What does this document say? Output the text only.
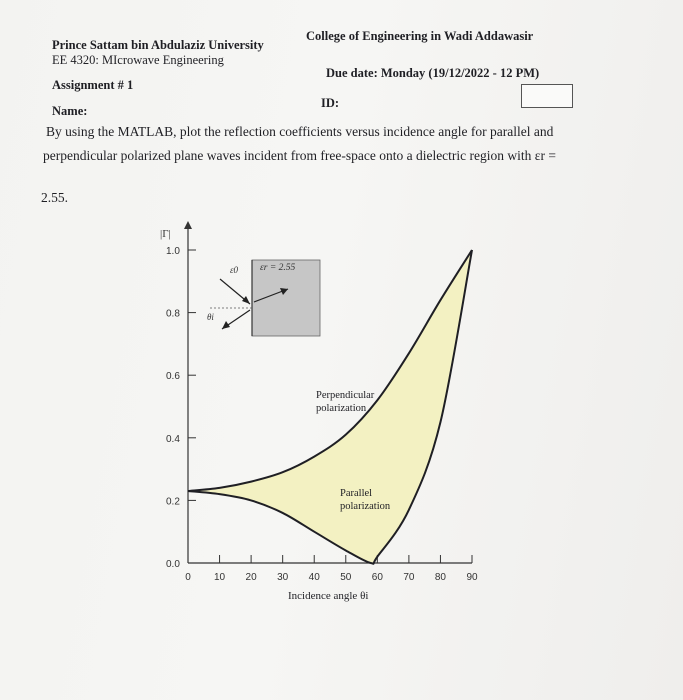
Prince Sattam bin Abdulaziz University
College of Engineering in Wadi Addawasir
EE 4320: MIcrowave Engineering
Assignment # 1
Due date: Monday (19/12/2022 - 12 PM)
Name:
ID:
By using the MATLAB, plot the reflection coefficients versus incidence angle for parallel and
perpendicular polarized plane waves incident from free-space onto a dielectric region with εr =
2.55.
0.0
0.2
0.4
0.6
0.8
1.0
0 10 20 30 40 50 60 70 80 90
|Γ|
Incidence angle θi
Perpendicular
polarization
Parallel
polarization
ε0 εr = 2.55
θi
